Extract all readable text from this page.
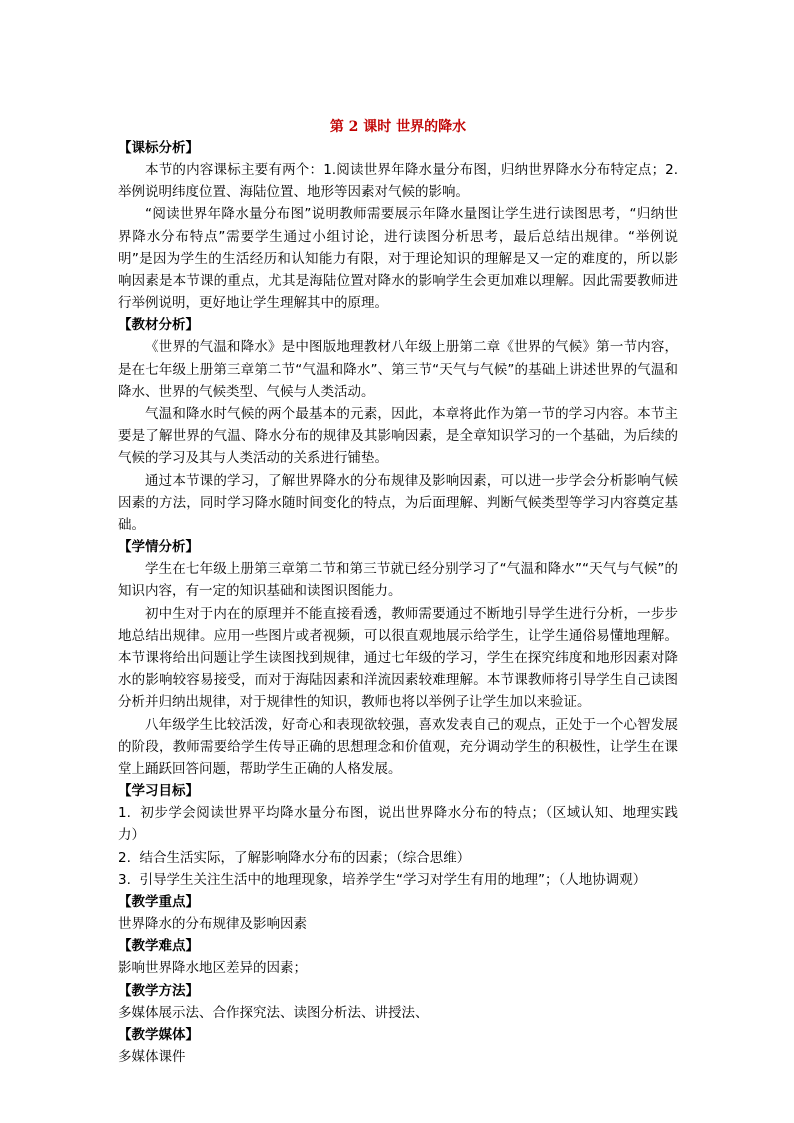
第 2 课时 世界的降水
【课标分析】
本节的内容课标主要有两个：1.阅读世界年降水量分布图，归纳世界降水分布特定点；2.举例说明纬度位置、海陆位置、地形等因素对气候的影响。
“阅读世界年降水量分布图”说明教师需要展示年降水量图让学生进行读图思考，“归纳世界降水分布特点”需要学生通过小组讨论，进行读图分析思考，最后总结出规律。“举例说明”是因为学生的生活经历和认知能力有限，对于理论知识的理解是又一定的难度的，所以影响因素是本节课的重点，尤其是海陆位置对降水的影响学生会更加难以理解。因此需要教师进行举例说明，更好地让学生理解其中的原理。
【教材分析】
《世界的气温和降水》是中图版地理教材八年级上册第二章《世界的气候》第一节内容，是在七年级上册第三章第二节“气温和降水”、第三节“天气与气候”的基础上讲述世界的气温和降水、世界的气候类型、气候与人类活动。
气温和降水时气候的两个最基本的元素，因此，本章将此作为第一节的学习内容。本节主要是了解世界的气温、降水分布的规律及其影响因素，是全章知识学习的一个基础，为后续的气候的学习及其与人类活动的关系进行铺垫。
通过本节课的学习，了解世界降水的分布规律及影响因素，可以进一步学会分析影响气候因素的方法，同时学习降水随时间变化的特点，为后面理解、判断气候类型等学习内容奠定基础。
【学情分析】
学生在七年级上册第三章第二节和第三节就已经分别学习了“气温和降水”“天气与气候”的知识内容，有一定的知识基础和读图识图能力。
初中生对于内在的原理并不能直接看透，教师需要通过不断地引导学生进行分析，一步步地总结出规律。应用一些图片或者视频，可以很直观地展示给学生，让学生通俗易懂地理解。本节课将给出问题让学生读图找到规律，通过七年级的学习，学生在探究纬度和地形因素对降水的影响较容易接受，而对于海陆因素和洋流因素较难理解。本节课教师将引导学生自己读图分析并归纳出规律，对于规律性的知识，教师也将以举例子让学生加以来验证。
八年级学生比较活泼，好奇心和表现欲较强，喜欢发表自己的观点，正处于一个心智发展的阶段，教师需要给学生传导正确的思想理念和价值观，充分调动学生的积极性，让学生在课堂上踊跃回答问题，帮助学生正确的人格发展。
【学习目标】
1.  初步学会阅读世界平均降水量分布图，说出世界降水分布的特点；（区域认知、地理实践力）
2.  结合生活实际，了解影响降水分布的因素；（综合思维）
3.  引导学生关注生活中的地理现象，培养学生“学习对学生有用的地理”；（人地协调观）
【教学重点】
世界降水的分布规律及影响因素
【教学难点】
影响世界降水地区差异的因素；
【教学方法】
多媒体展示法、合作探究法、读图分析法、讲授法、
【教学媒体】
多媒体课件
